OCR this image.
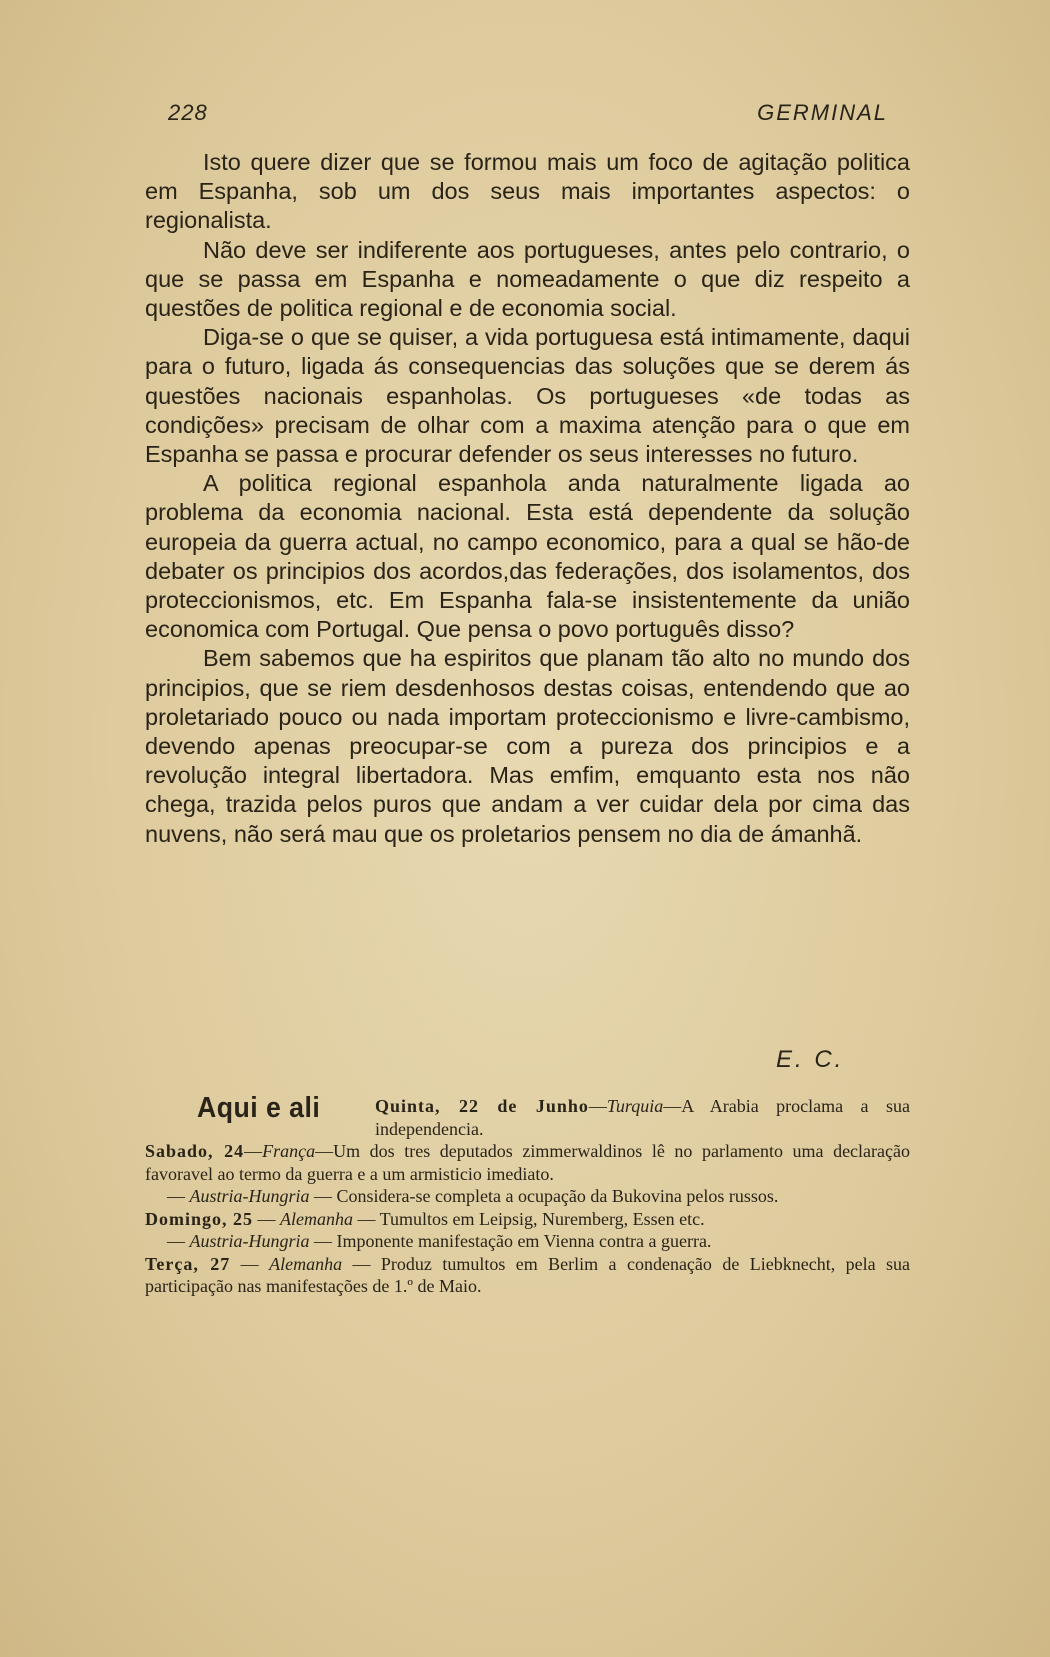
228	GERMINAL

Isto quere dizer que se formou mais um foco de agitação politica em Espanha, sob um dos seus mais importantes aspectos: o regionalista.

Não deve ser indiferente aos portugueses, antes pelo contrario, o que se passa em Espanha e nomeadamente o que diz respeito a questões de politica regional e de economia social.

Diga-se o que se quiser, a vida portuguesa está intimamente, daqui para o futuro, ligada ás consequencias das soluções que se derem ás questões nacionais espanholas. Os portugueses «de todas as condições» precisam de olhar com a maxima atenção para o que em Espanha se passa e procurar defender os seus interesses no futuro.

A politica regional espanhola anda naturalmente ligada ao problema da economia nacional. Esta está dependente da solução europeia da guerra actual, no campo economico, para a qual se hão-de debater os principios dos acordos,das federações, dos isolamentos, dos proteccionismos, etc. Em Espanha fala-se insistentemente da união economica com Portugal. Que pensa o povo português disso?

Bem sabemos que ha espiritos que planam tão alto no mundo dos principios, que se riem desdenhosos destas coisas, entendendo que ao proletariado pouco ou nada importam proteccionismo e livre-cambismo, devendo apenas preocupar-se com a pureza dos principios e a revolução integral libertadora. Mas emfim, emquanto esta nos não chega, trazida pelos puros que andam a ver cuidar dela por cima das nuvens, não será mau que os proletarios pensem no dia de ámanhã.

E. C.
Aqui e ali	Quinta, 22 de Junho—Turquia—A Arabia proclama a sua independencia.

Sabado, 24—França—Um dos tres deputados zimmerwaldinos lê no parlamento uma declaração favoravel ao termo da guerra e a um armisticio imediato.

— Austria-Hungria — Considera-se completa a ocupação da Bukovina pelos russos.

Domingo, 25 — Alemanha — Tumultos em Leipsig, Nuremberg, Essen etc.

— Austria-Hungria — Imponente manifestação em Vienna contra a guerra.

Terça, 27 — Alemanha — Produz tumultos em Berlim a condenação de Liebknecht, pela sua participação nas manifestações de 1.º de Maio.
